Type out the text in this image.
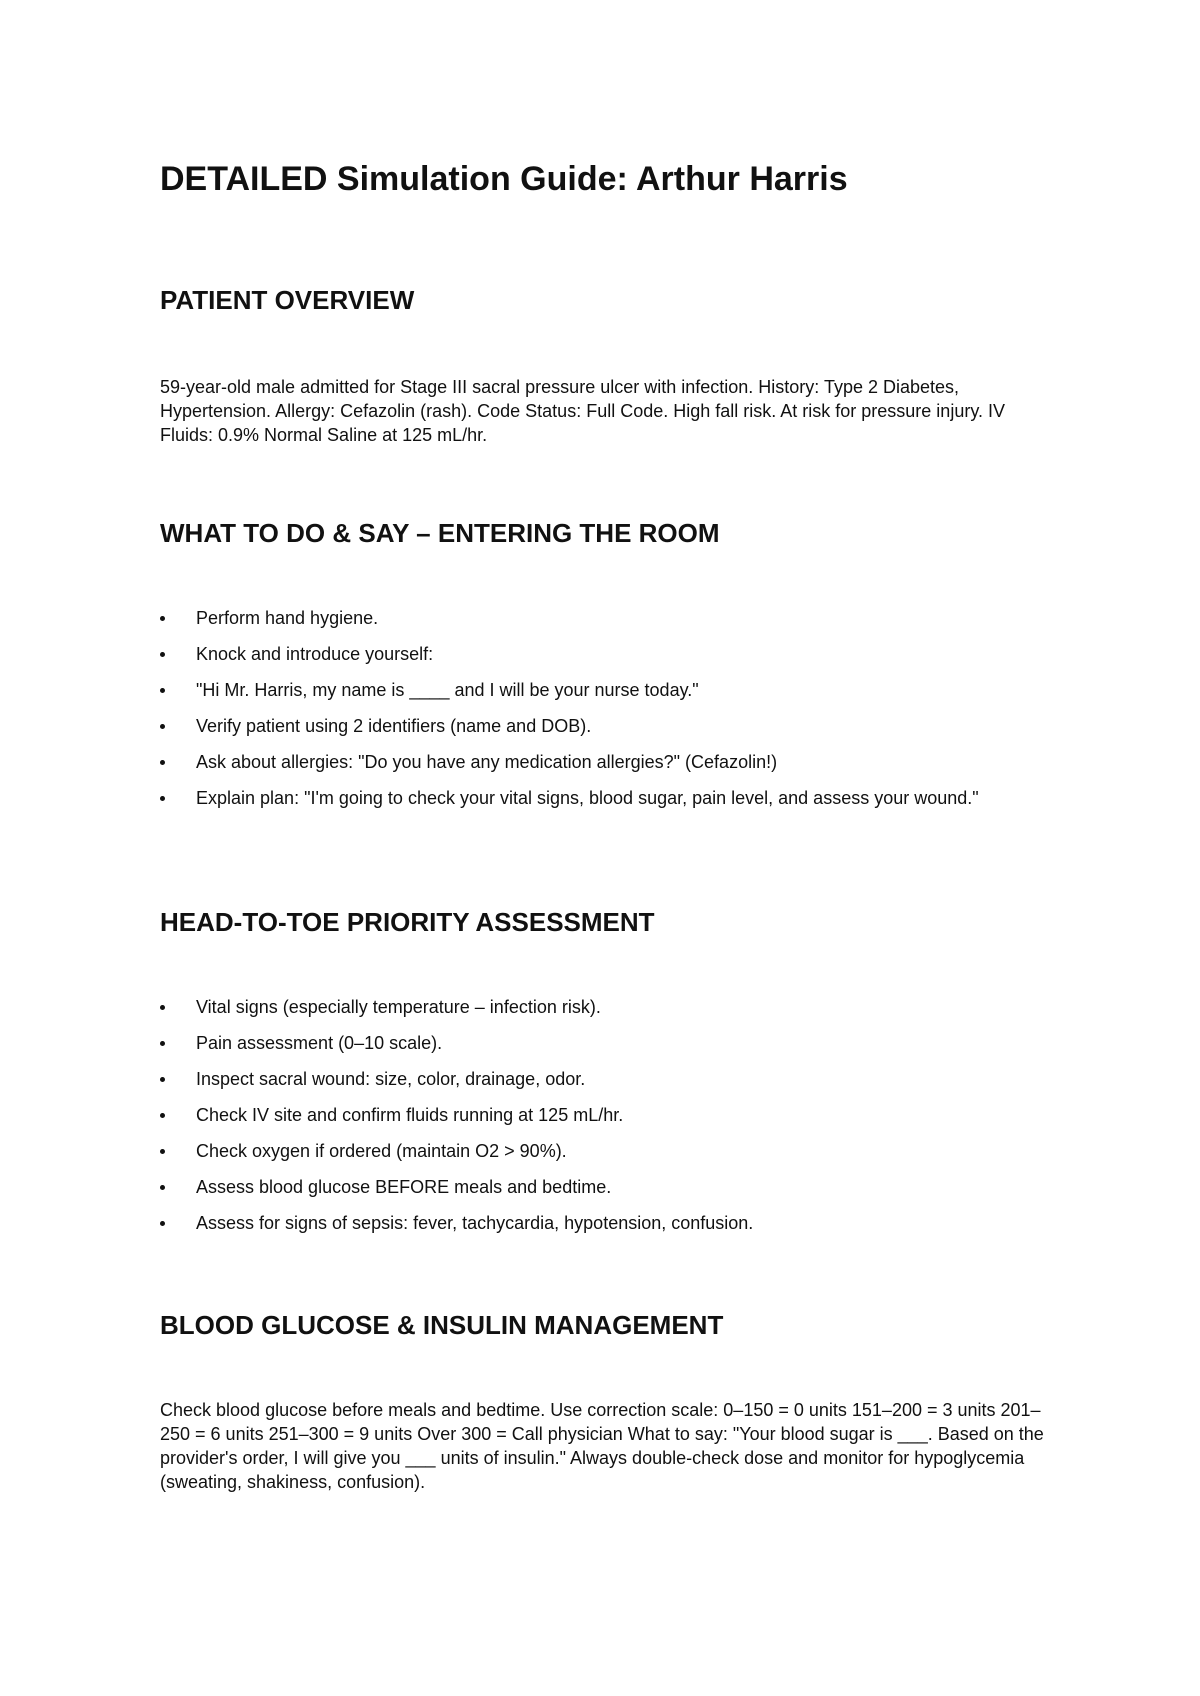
DETAILED Simulation Guide: Arthur Harris
PATIENT OVERVIEW

59-year-old male admitted for Stage III sacral pressure ulcer with infection. History: Type 2 Diabetes, Hypertension. Allergy: Cefazolin (rash). Code Status: Full Code. High fall risk. At risk for pressure injury. IV Fluids: 0.9% Normal Saline at 125 mL/hr.

WHAT TO DO & SAY – ENTERING THE ROOM
Perform hand hygiene.
Knock and introduce yourself:
"Hi Mr. Harris, my name is ____ and I will be your nurse today."
Verify patient using 2 identifiers (name and DOB).
Ask about allergies: "Do you have any medication allergies?" (Cefazolin!)
Explain plan: "I'm going to check your vital signs, blood sugar, pain level, and assess your wound."
HEAD-TO-TOE PRIORITY ASSESSMENT
Vital signs (especially temperature – infection risk).
Pain assessment (0–10 scale).
Inspect sacral wound: size, color, drainage, odor.
Check IV site and confirm fluids running at 125 mL/hr.
Check oxygen if ordered (maintain O2 > 90%).
Assess blood glucose BEFORE meals and bedtime.
Assess for signs of sepsis: fever, tachycardia, hypotension, confusion.
BLOOD GLUCOSE & INSULIN MANAGEMENT

Check blood glucose before meals and bedtime. Use correction scale: 0–150 = 0 units 151–200 = 3 units 201–250 = 6 units 251–300 = 9 units Over 300 = Call physician What to say: "Your blood sugar is ___. Based on the provider's order, I will give you ___ units of insulin." Always double-check dose and monitor for hypoglycemia (sweating, shakiness, confusion).
